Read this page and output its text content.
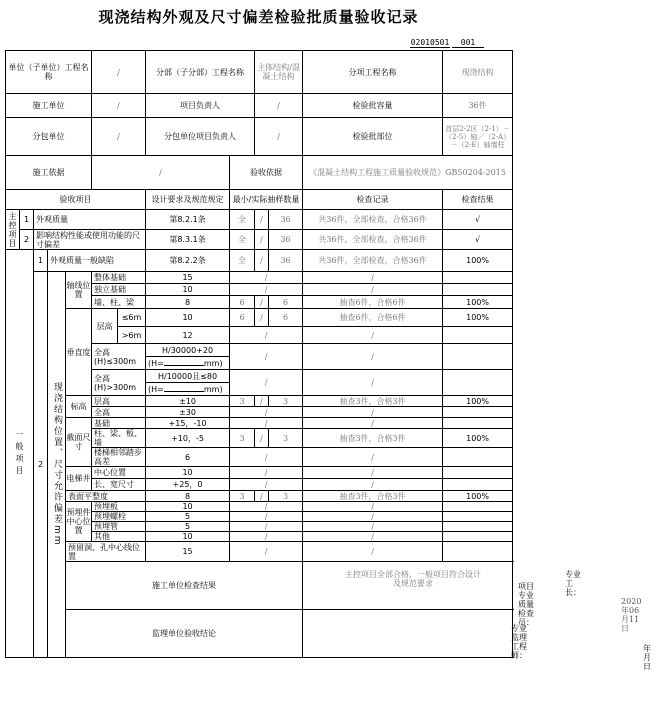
现浇结构外观及尺寸偏差检验批质量验收记录
02010501 001
单位（子单位）工程名称					/		分部（子分部）工程名称		主体结构/混凝土结构		分项工程名称	现浇结构
施工单位					/		项目负责人		/		检验批容量	36件
分包单位					/		分包单位项目负责人		/		检验批部位	首层2-2区（2-1）－（2-5）轴／（2-A）－（2-E）轴墙柱
施工依据					/			验收依据			《混凝土结构工程施工质量验收规范》GB50204-2015	
验收项目							设计要求及规范规定	最小/实际抽样数量			检查记录	检查结果
主控项目	1	外观质量					第8.2.1条	全	/	36	共36件，全部检查，合格36件	√
	2	影响结构性能或使用功能的尺寸偏差					第8.3.1条	全	/	36	共36件，全部检查，合格36件	√
一般项目		1	外观质量一般缺陷				第8.2.2条	全	/	36	共36件，全部检查，合格36件	100%
		2	现浇结构位置、尺寸允许偏差mm	轴线位置	整体基础		15	/			/	
					独立基础		10	/			/	
					墙、柱、梁		8	6	/	6	抽查6件，合格6件	100%
				垂直度	层高	≤6m	10	6	/	6	抽查6件，合格6件	100%
						>6m	12	/			/	
					全高(H)≤300m		H/30000+20	/			/	
							(H= mm)					
					全高(H)>300m		H/10000且≤80	/			/	
							(H= mm)					
				标高	层高		±10	3	/	3	抽查3件，合格3件	100%
					全高		±30	/			/	
				截面尺寸	基础		+15，-10	/			/	
					柱、梁、板、墙		+10，-5	3	/	3	抽查3件，合格3件	100%
					楼梯相邻踏步高差		6	/			/	
				电梯井	中心位置		10	/			/	
					长、宽尺寸		+25，0	/			/	
				表面平整度			8	3	/	3	抽查3件，合格3件	100%
				预埋件中心位置	预埋板		10	/			/	
					预埋螺栓		5	/			/	
					预埋管		5	/			/	
					其他		10	/			/	
				预留洞、孔中心线位置			15	/			/	
				施工单位检查结果							主控项目全部合格，一般项目符合设计及规范要求
专业工长：
项目专业质量检查员：
2020年06月11日	

				监理单位验收结论							专业监理工程师：
年 月 日	
